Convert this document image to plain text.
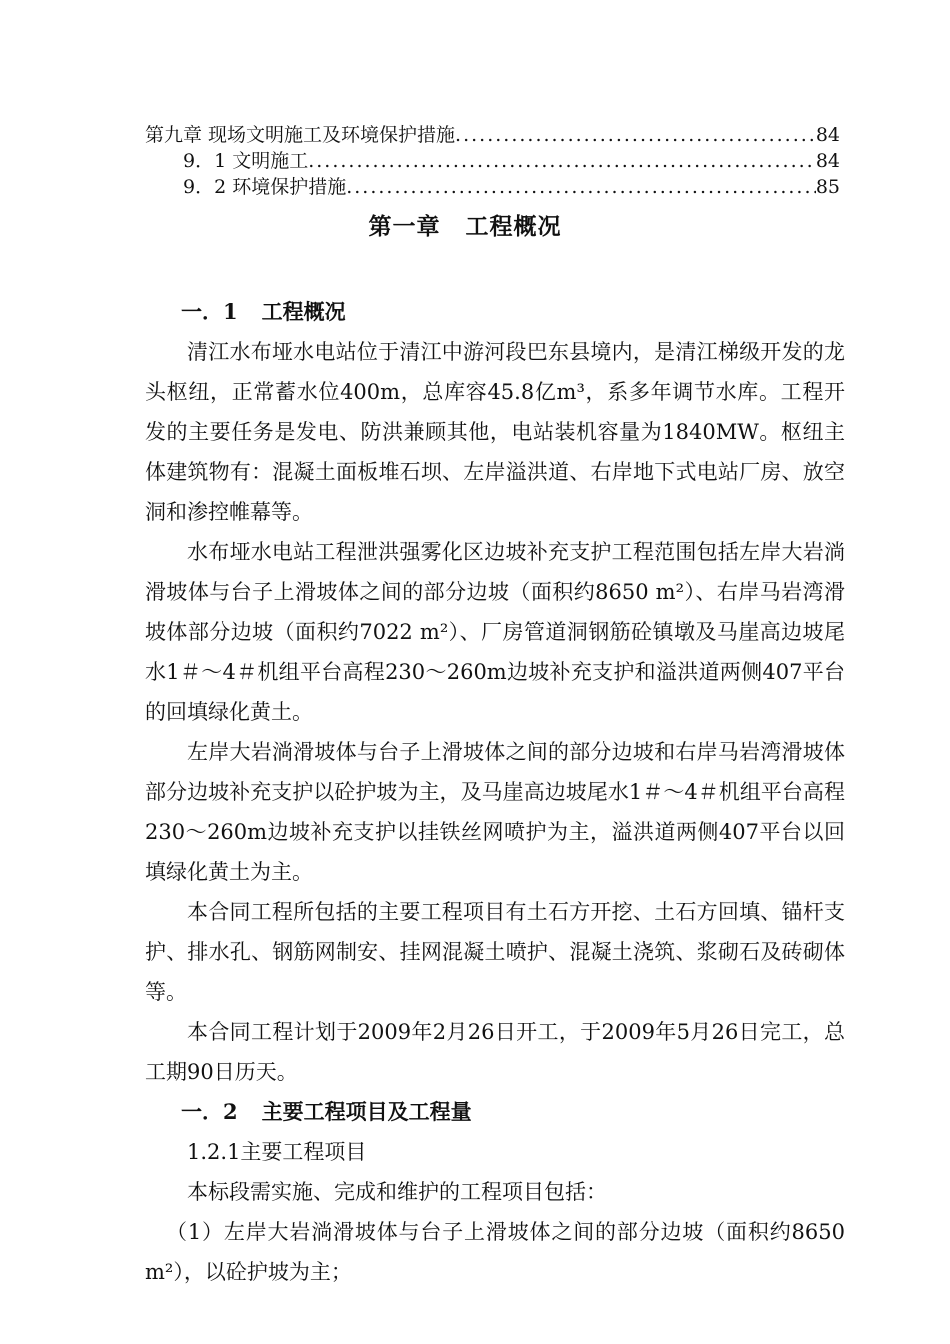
第九章 现场文明施工及环境保护措施 .....	84
9．1 文明施工 .....	84
9．2 环境保护措施 .....	85
第一章 工程概况
一．1 工程概况
清江水布垭水电站位于清江中游河段巴东县境内，是清江梯级开发的龙头枢纽，正常蓄水位400m，总库容45.8亿m³，系多年调节水库。工程开发的主要任务是发电、防洪兼顾其他，电站装机容量为1840MW。枢纽主体建筑物有：混凝土面板堆石坝、左岸溢洪道、右岸地下式电站厂房、放空洞和渗控帷幕等。
水布垭水电站工程泄洪强雾化区边坡补充支护工程范围包括左岸大岩淌滑坡体与台子上滑坡体之间的部分边坡（面积约8650 m²）、右岸马岩湾滑坡体部分边坡（面积约7022 m²）、厂房管道洞钢筋砼镇墩及马崖高边坡尾水1＃～4＃机组平台高程230～260m边坡补充支护和溢洪道两侧407平台的回填绿化黄土。
左岸大岩淌滑坡体与台子上滑坡体之间的部分边坡和右岸马岩湾滑坡体部分边坡补充支护以砼护坡为主，及马崖高边坡尾水1＃～4＃机组平台高程230～260m边坡补充支护以挂铁丝网喷护为主，溢洪道两侧407平台以回填绿化黄土为主。
本合同工程所包括的主要工程项目有土石方开挖、土石方回填、锚杆支护、排水孔、钢筋网制安、挂网混凝土喷护、混凝土浇筑、浆砌石及砖砌体等。
本合同工程计划于2009年2月26日开工，于2009年5月26日完工，总工期90日历天。
一．2 主要工程项目及工程量
1.2.1主要工程项目
本标段需实施、完成和维护的工程项目包括：
（1）左岸大岩淌滑坡体与台子上滑坡体之间的部分边坡（面积约8650 m²），以砼护坡为主；
